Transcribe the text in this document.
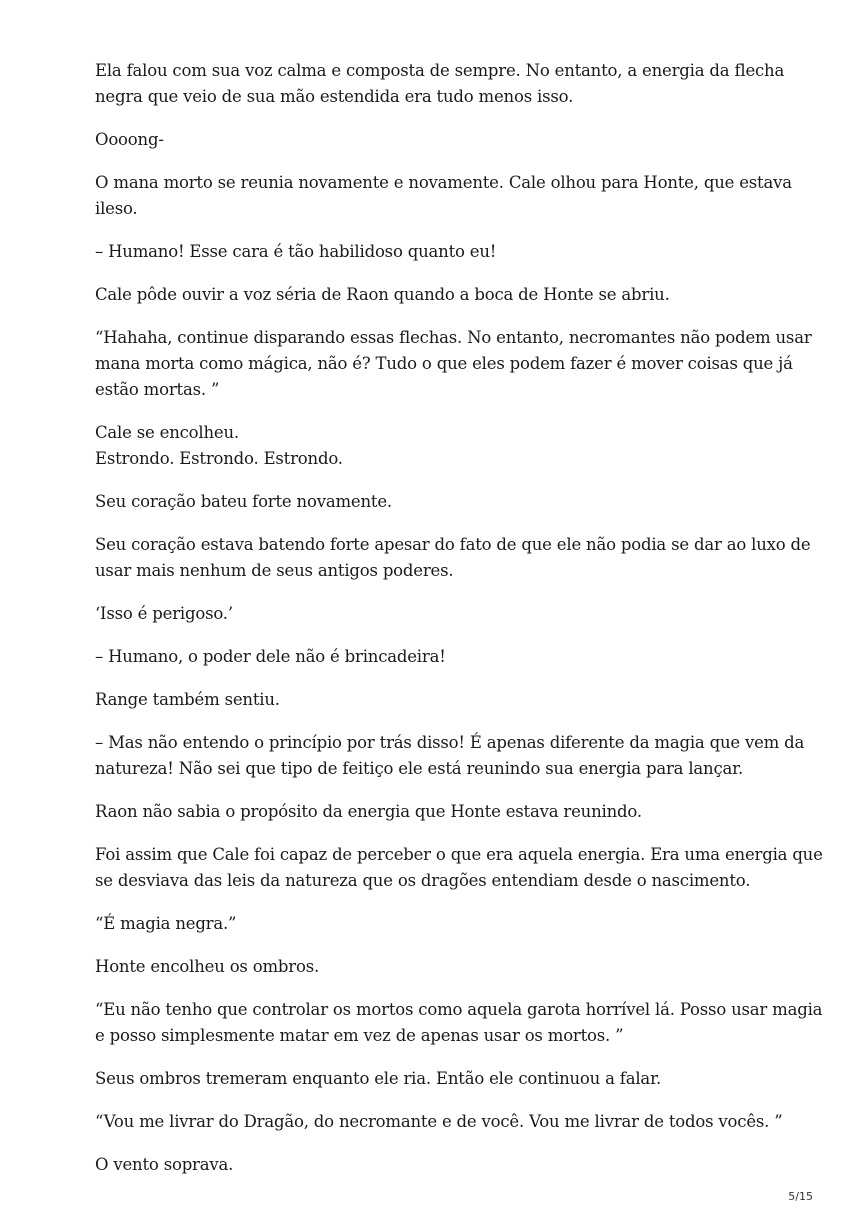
Ela falou com sua voz calma e composta de sempre. No entanto, a energia da flecha
negra que veio de sua mão estendida era tudo menos isso.

Oooong-

O mana morto se reunia novamente e novamente. Cale olhou para Honte, que estava
ileso.

– Humano! Esse cara é tão habilidoso quanto eu!

Cale pôde ouvir a voz séria de Raon quando a boca de Honte se abriu.

“Hahaha, continue disparando essas flechas. No entanto, necromantes não podem usar
mana morta como mágica, não é? Tudo o que eles podem fazer é mover coisas que já
estão mortas. ”

Cale se encolheu.
Estrondo. Estrondo. Estrondo.

Seu coração bateu forte novamente.

Seu coração estava batendo forte apesar do fato de que ele não podia se dar ao luxo de
usar mais nenhum de seus antigos poderes.

‘Isso é perigoso.’

– Humano, o poder dele não é brincadeira!

Range também sentiu.

– Mas não entendo o princípio por trás disso! É apenas diferente da magia que vem da
natureza! Não sei que tipo de feitiço ele está reunindo sua energia para lançar.

Raon não sabia o propósito da energia que Honte estava reunindo.

Foi assim que Cale foi capaz de perceber o que era aquela energia. Era uma energia que
se desviava das leis da natureza que os dragões entendiam desde o nascimento.

“É magia negra.”

Honte encolheu os ombros.

“Eu não tenho que controlar os mortos como aquela garota horrível lá. Posso usar magia
e posso simplesmente matar em vez de apenas usar os mortos. ”

Seus ombros tremeram enquanto ele ria. Então ele continuou a falar.

“Vou me livrar do Dragão, do necromante e de você. Vou me livrar de todos vocês. ”

O vento soprava.

5/15
